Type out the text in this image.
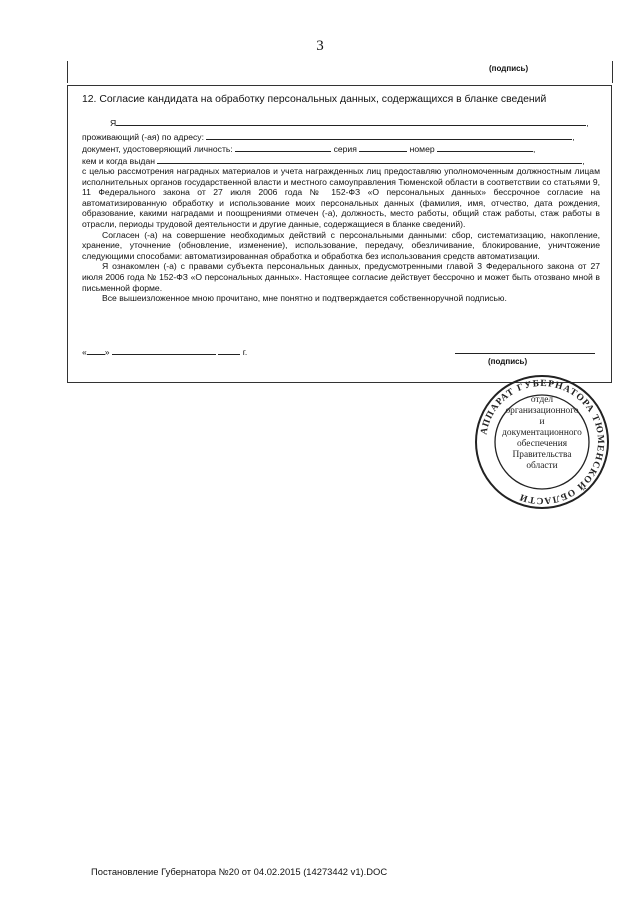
3
(подпись)
12. Согласие кандидата на обработку персональных данных, содержащихся в бланке сведений
Я	,
проживающий (-ая) по адресу:	,
документ, удостоверяющий личность:	серия	номер	,
кем и когда выдан	,

с целью рассмотрения наградных материалов и учета награжденных лиц предоставляю уполномоченным должностным лицам исполнительных органов государственной власти и местного самоуправления Тюменской области в соответствии со статьями 9, 11 Федерального закона от 27 июля 2006 года № 152-ФЗ «О персональных данных» бессрочное согласие на автоматизированную обработку и использование моих персональных данных (фамилия, имя, отчество, дата рождения, образование, какими наградами и поощрениями отмечен (-а), должность, место работы, общий стаж работы, стаж работы в отрасли, периоды трудовой деятельности и другие данные, содержащиеся в бланке сведений).

Согласен (-а) на совершение необходимых действий с персональными данными: сбор, систематизацию, накопление, хранение, уточнение (обновление, изменение), использование, передачу, обезличивание, блокирование, уничтожение следующими способами: автоматизированная обработка и обработка без использования средств автоматизации.

Я ознакомлен (-а) с правами субъекта персональных данных, предусмотренными главой 3 Федерального закона от 27 июля 2006 года № 152-ФЗ «О персональных данных». Настоящее согласие действует бессрочно и может быть отозвано мной в письменной форме.

Все вышеизложенное мною прочитано, мне понятно и подтверждается собственноручной подписью.

« »	г.
(подпись)
АППАРАТ ГУБЕРНАТОРА ТЮМЕНСКОЙ ОБЛАСТИ
отдел
организационного
и
документационного
обеспечения
Правительства
области
Постановление Губернатора №20 от 04.02.2015 (14273442 v1).DOC
